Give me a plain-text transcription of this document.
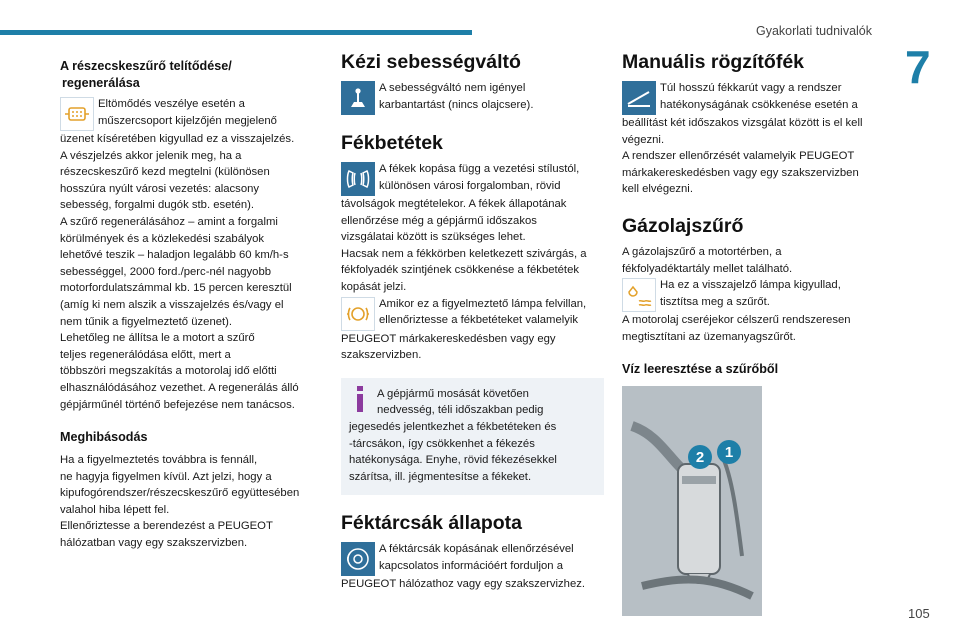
Gyakorlati tudnivalók
7
105
A részecskeszűrő telítődése/
regenerálása
Eltömődés veszélye esetén a
műszercsoport kijelzőjén megjelenő
üzenet kíséretében kigyullad ez a visszajelzés.
A vészjelzés akkor jelenik meg, ha a
részecskeszűrő kezd megtelni (különösen
hosszúra nyúlt városi vezetés: alacsony
sebesség, forgalmi dugók stb. esetén).
A szűrő regenerálásához – amint a forgalmi
körülmények és a közlekedési szabályok
lehetővé teszik – haladjon legalább 60 km/h-s
sebességgel, 2000 ford./perc-nél nagyobb
motorfordulatszámmal kb. 15 percen keresztül
(amíg ki nem alszik a visszajelzés és/vagy el
nem tűnik a figyelmeztető üzenet).
Lehetőleg ne állítsa le a motort a szűrő
teljes regenerálódása előtt, mert a
többszöri megszakítás a motorolaj idő előtti
elhasználódásához vezethet. A regenerálás álló
gépjárműnél történő befejezése nem tanácsos.
Meghibásodás
Ha a figyelmeztetés továbbra is fennáll,
ne hagyja figyelmen kívül. Azt jelzi, hogy a
kipufogórendszer/részecskeszűrő együttesében
valahol hiba lépett fel.
Ellenőriztesse a berendezést a PEUGEOT
hálózatban vagy egy szakszervizben.
Kézi sebességváltó
A sebességváltó nem igényel
karbantartást (nincs olajcsere).
Fékbetétek
A fékek kopása függ a vezetési stílustól,
különösen városi forgalomban, rövid
távolságok megtételekor. A fékek állapotának
ellenőrzése még a gépjármű időszakos
vizsgálatai között is szükséges lehet.
Hacsak nem a fékkörben keletkezett szivárgás, a
fékfolyadék szintjének csökkenése a fékbetétek
kopását jelzi.
Amikor ez a figyelmeztető lámpa felvillan,
ellenőriztesse a fékbetéteket valamelyik
PEUGEOT márkakereskedésben vagy egy
szakszervizben.
A gépjármű mosását követően
nedvesség, téli időszakban pedig
jegesedés jelentkezhet a fékbetéteken és
-tárcsákon, így csökkenhet a fékezés
hatékonysága. Enyhe, rövid fékezésekkel
szárítsa, ill. jégmentesítse a fékeket.
Féktárcsák állapota
A féktárcsák kopásának ellenőrzésével
kapcsolatos információért forduljon a
PEUGEOT hálózathoz vagy egy szakszervizhez.
Manuális rögzítőfék
Túl hosszú fékkarút vagy a rendszer
hatékonyságának csökkenése esetén a
beállítást két időszakos vizsgálat között is el kell
végezni.
A rendszer ellenőrzését valamelyik PEUGEOT
márkakereskedésben vagy egy szakszervizben
kell elvégezni.
Gázolajszűrő
A gázolajszűrő a motortérben, a
fékfolyadéktartály mellet található.
Ha ez a visszajelző lámpa kigyullad,
tisztítsa meg a szűrőt.
A motorolaj cseréjekor célszerű rendszeresen
megtisztítani az üzemanyagszűrőt.
Víz leeresztése a szűrőből
1
2
